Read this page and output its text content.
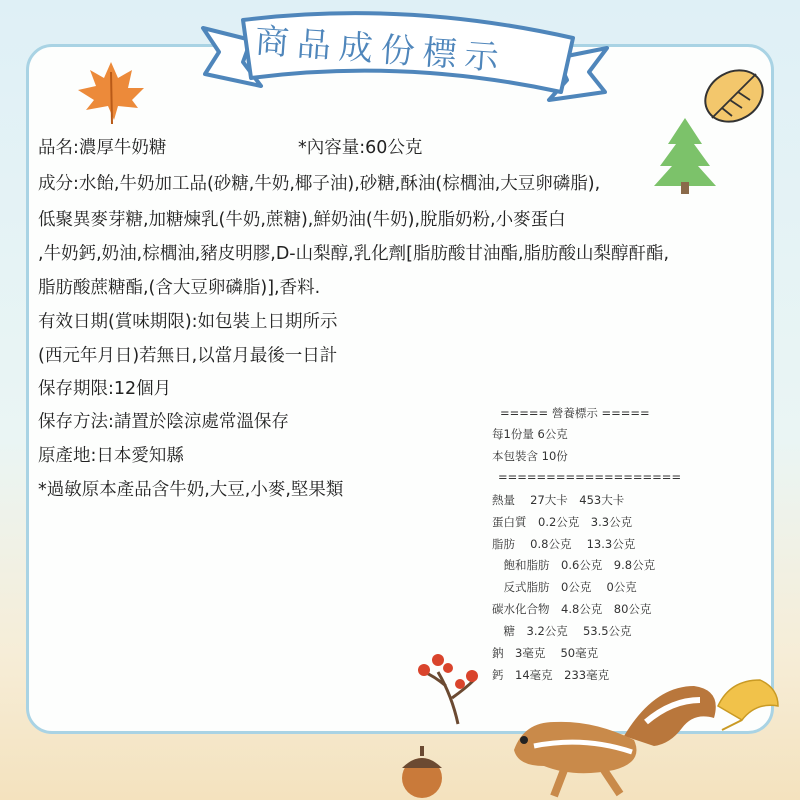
商品成份標示
品名:濃厚牛奶糖	*內容量:60公克
成分:水飴,牛奶加工品(砂糖,牛奶,椰子油),砂糖,酥油(棕櫚油,大豆卵磷脂),
低聚異麥芽糖,加糖煉乳(牛奶,蔗糖),鮮奶油(牛奶),脫脂奶粉,小麥蛋白
,牛奶鈣,奶油,棕櫚油,豬皮明膠,D-山梨醇,乳化劑[脂肪酸甘油酯,脂肪酸山梨醇酐酯,
脂肪酸蔗糖酯,(含大豆卵磷脂)],香料.
有效日期(賞味期限):如包裝上日期所示
(西元年月日)若無日,以當月最後一日計
保存期限:12個月
保存方法:請置於陰涼處常溫保存
原產地:日本愛知縣
*過敏原本產品含牛奶,大豆,小麥,堅果類
===== 營養標示 =====
每1份量 6公克
本包裝含 10份
===================
熱量　 27大卡　453大卡
蛋白質　0.2公克　3.3公克
脂肪　 0.8公克　 13.3公克
　飽和脂肪　0.6公克　9.8公克
　反式脂肪　0公克　 0公克
碳水化合物　4.8公克　80公克
　糖　3.2公克　 53.5公克
鈉　3毫克　 50毫克
鈣　14毫克　233毫克
